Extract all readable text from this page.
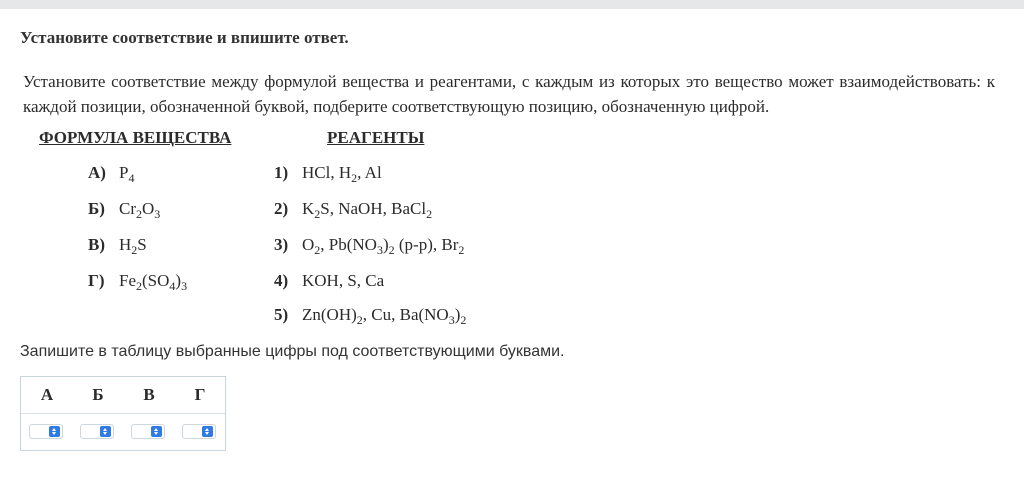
Установите соответствие и впишите ответ.
Установите соответствие между формулой вещества и реагентами, с каждым из которых это вещество может взаимодействовать: к каждой позиции, обозначенной буквой, подберите соответствующую позицию, обозначенную цифрой.
ФОРМУЛА ВЕЩЕСТВА	РЕАГЕНТЫ
А) $P_4$
Б) $Cr_2O_3$
В) $H_2S$
Г) $Fe_2(SO_4)_3$
1) HCl, $H_2$, Al
2) $K_2S$, NaOH, BaCl$_2$
3) $O_2$, $Pb(NO_3)_2$ (р-р), $Br_2$
4) KOH, S, Ca
5) $Zn(OH)_2$, Cu, $Ba(NO_3)_2$
Запишите в таблицу выбранные цифры под соответствующими буквами.
А	Б	В	Г
